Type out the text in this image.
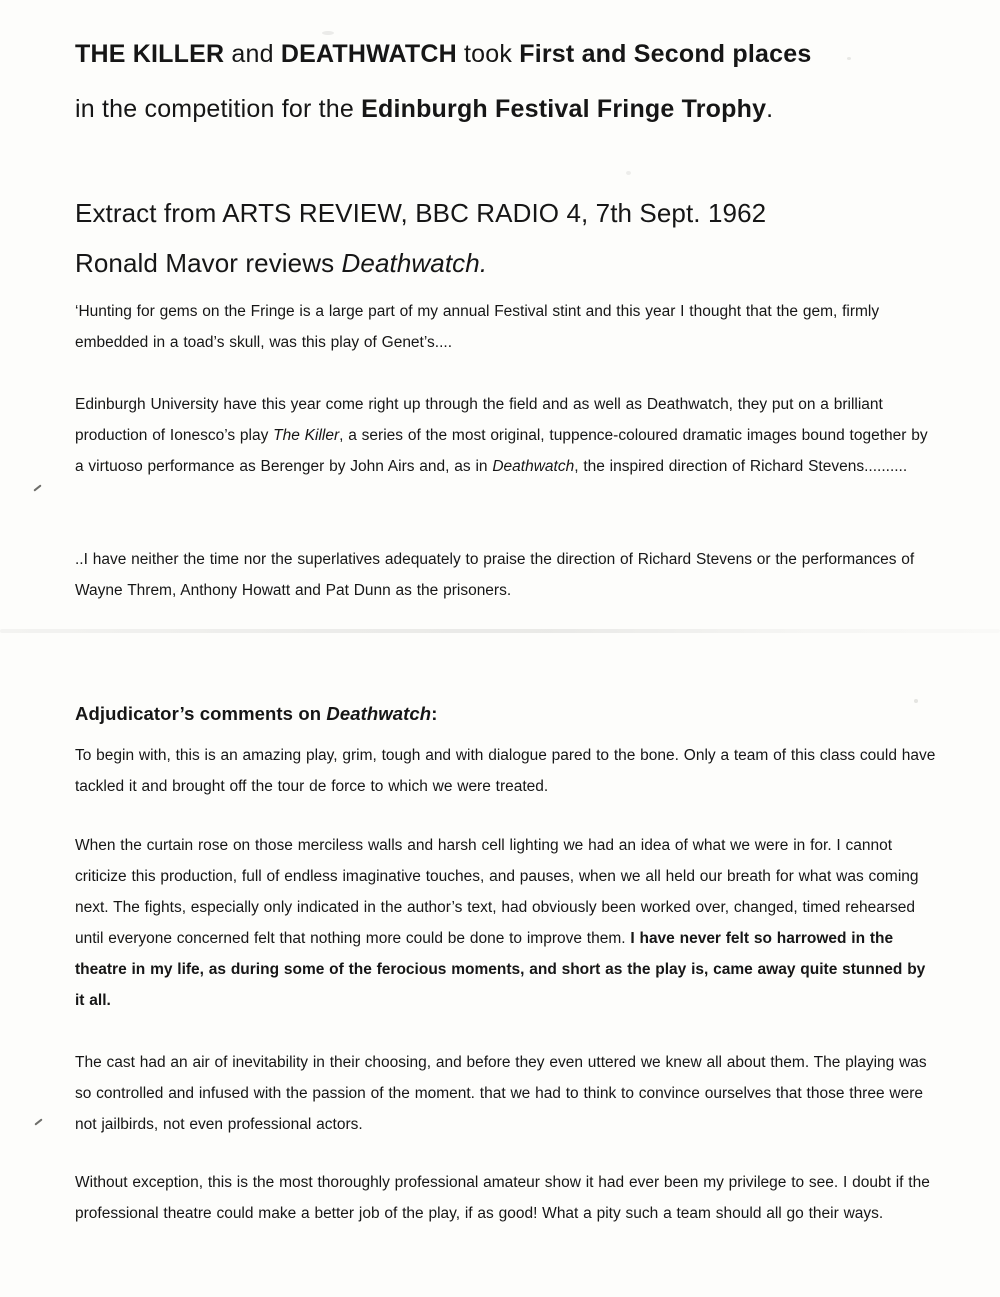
THE KILLER and DEATHWATCH took First and Second places
in the competition for the Edinburgh Festival Fringe Trophy.
Extract from ARTS REVIEW, BBC RADIO 4, 7th Sept. 1962
Ronald Mavor reviews Deathwatch.
‘Hunting for gems on the Fringe is a large part of my annual Festival stint and this year I thought that the gem, firmly embedded in a toad’s skull, was this play of Genet’s....
Edinburgh University have this year come right up through the field and as well as Deathwatch, they put on a brilliant production of Ionesco’s play The Killer, a series of the most original, tuppence-coloured dramatic images bound together by a virtuoso performance as Berenger by John Airs and, as in Deathwatch, the inspired direction of Richard Stevens..........
..I have neither the time nor the superlatives adequately to praise the direction of Richard Stevens or the performances of Wayne Threm, Anthony Howatt and Pat Dunn as the prisoners.
Adjudicator’s comments on Deathwatch:
To begin with, this is an amazing play, grim, tough and with dialogue pared to the bone. Only a team of this class could have tackled it and brought off the tour de force to which we were treated.
When the curtain rose on those merciless walls and harsh cell lighting we had an idea of what we were in for. I cannot criticize this production, full of endless imaginative touches, and pauses, when we all held our breath for what was coming next. The fights, especially only indicated in the author’s text, had obviously been worked over, changed, timed rehearsed until everyone concerned felt that nothing more could be done to improve them. I have never felt so harrowed in the theatre in my life, as during some of the ferocious moments, and short as the play is, came away quite stunned by it all.
The cast had an air of inevitability in their choosing, and before they even uttered we knew all about them. The playing was so controlled and infused with the passion of the moment. that we had to think to convince ourselves that those three were not jailbirds, not even professional actors.
Without exception, this is the most thoroughly professional amateur show it had ever been my privilege to see. I doubt if the professional theatre could make a better job of the play, if as good! What a pity such a team should all go their ways.
